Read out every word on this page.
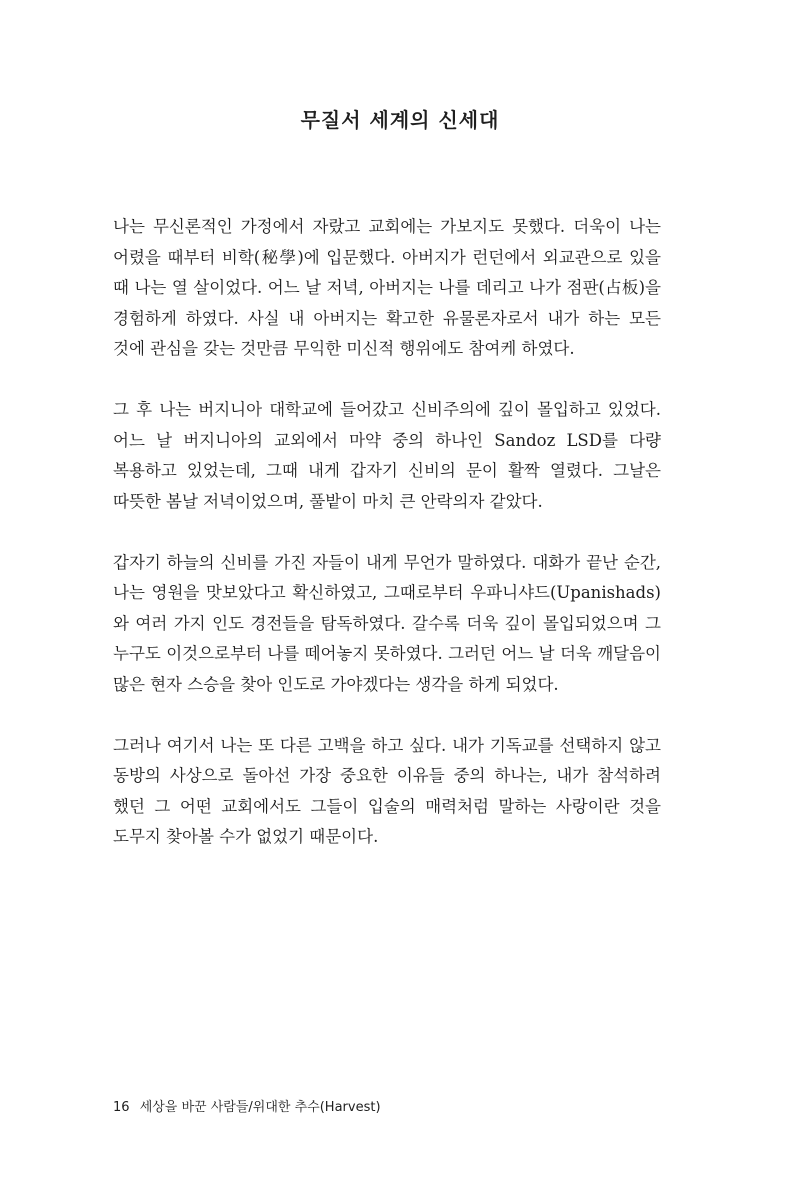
무질서 세계의 신세대

나는 무신론적인 가정에서 자랐고 교회에는 가보지도 못했다. 더욱이 나는 어렸을 때부터 비학(秘學)에 입문했다. 아버지가 런던에서 외교관으로 있을 때 나는 열 살이었다. 어느 날 저녁, 아버지는 나를 데리고 나가 점판(占板)을 경험하게 하였다. 사실 내 아버지는 확고한 유물론자로서 내가 하는 모든 것에 관심을 갖는 것만큼 무익한 미신적 행위에도 참여케 하였다.

그 후 나는 버지니아 대학교에 들어갔고 신비주의에 깊이 몰입하고 있었다. 어느 날 버지니아의 교외에서 마약 중의 하나인 Sandoz LSD를 다량 복용하고 있었는데, 그때 내게 갑자기 신비의 문이 활짝 열렸다. 그날은 따뜻한 봄날 저녁이었으며, 풀밭이 마치 큰 안락의자 같았다.

갑자기 하늘의 신비를 가진 자들이 내게 무언가 말하였다. 대화가 끝난 순간, 나는 영원을 맛보았다고 확신하였고, 그때로부터 우파니샤드(Upanishads)와 여러 가지 인도 경전들을 탐독하였다. 갈수록 더욱 깊이 몰입되었으며 그 누구도 이것으로부터 나를 떼어놓지 못하였다. 그러던 어느 날 더욱 깨달음이 많은 현자 스승을 찾아 인도로 가야겠다는 생각을 하게 되었다.

그러나 여기서 나는 또 다른 고백을 하고 싶다. 내가 기독교를 선택하지 않고 동방의 사상으로 돌아선 가장 중요한 이유들 중의 하나는, 내가 참석하려 했던 그 어떤 교회에서도 그들이 입술의 매력처럼 말하는 사랑이란 것을 도무지 찾아볼 수가 없었기 때문이다.

16 세상을 바꾼 사람들/위대한 추수(Harvest)
